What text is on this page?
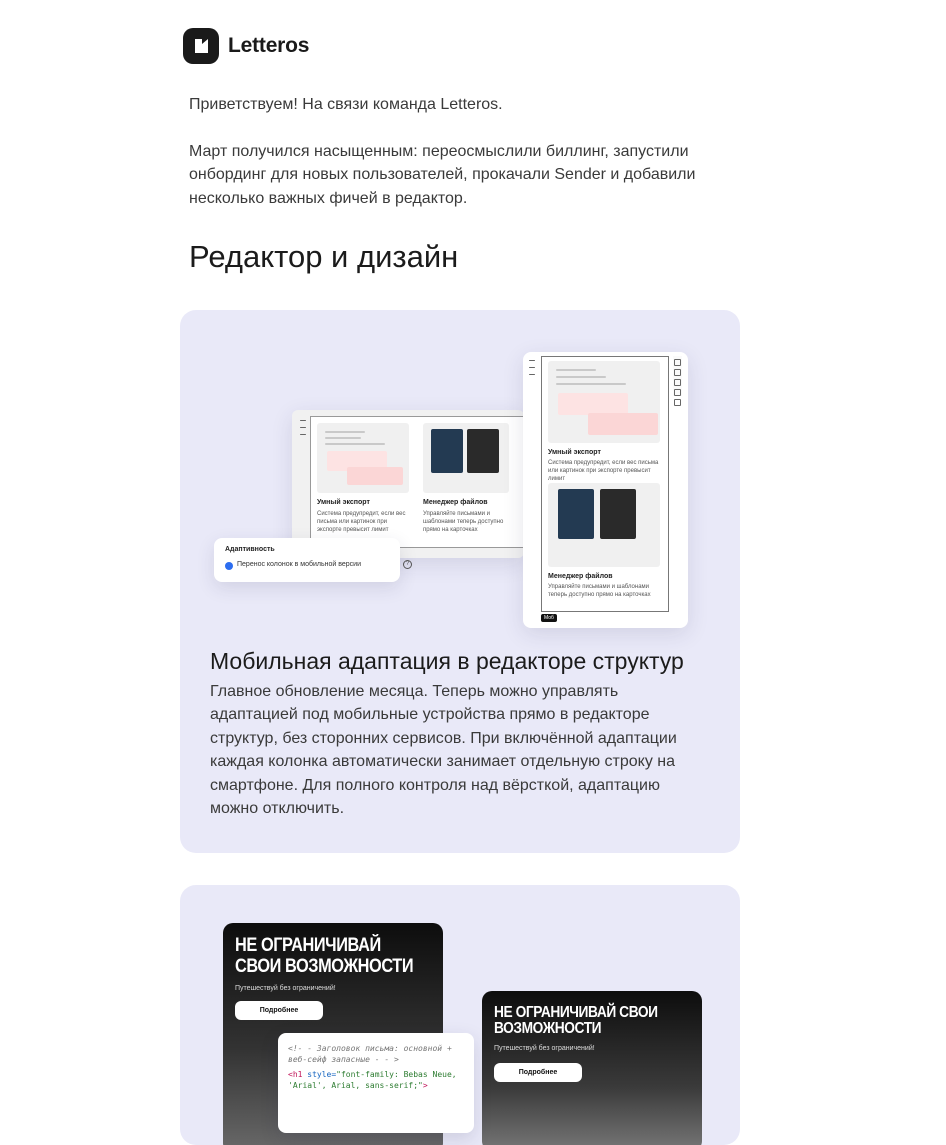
Letteros

Приветствуем! На связи команда Letteros.

Март получился насыщенным: переосмыслили биллинг, запустили онбординг для новых пользователей, прокачали Sender и добавили несколько важных фичей в редактор.

Редактор и дизайн
Умный экспорт
Система предупредит, если вес письма или картинок при экспорте превысит лимит
Менеджер файлов
Управляйте письмами и шаблонами теперь доступно прямо на карточках
Умный экспорт
Система предупредит, если вес письма или картинок при экспорте превысит лимит
Менеджер файлов
Управляйте письмами и шаблонами теперь доступно прямо на карточках
Моб
Адаптивность
Перенос колонок в мобильной версии	?
Мобильная адаптация в редакторе структур

Главное обновление месяца. Теперь можно управлять адаптацией под мобильные устройства прямо в редакторе структур, без сторонних сервисов. При включённой адаптации каждая колонка автоматически занимает отдельную строку на смартфоне. Для полного контроля над вёрсткой, адаптацию можно отключить.

НЕ ОГРАНИЧИВАЙ СВОИ ВОЗМОЖНОСТИ
Путешествуй без ограничений!
Подробнее	НЕ ОГРАНИЧИВАЙ СВОИ ВОЗМОЖНОСТИ
Путешествуй без ограничений!
Подробнее
<!- - Заголовок письма: основной + веб-сейф запасные - - >
<h1 style="font-family: Bebas Neue, 'Arial', Arial, sans-serif;">
